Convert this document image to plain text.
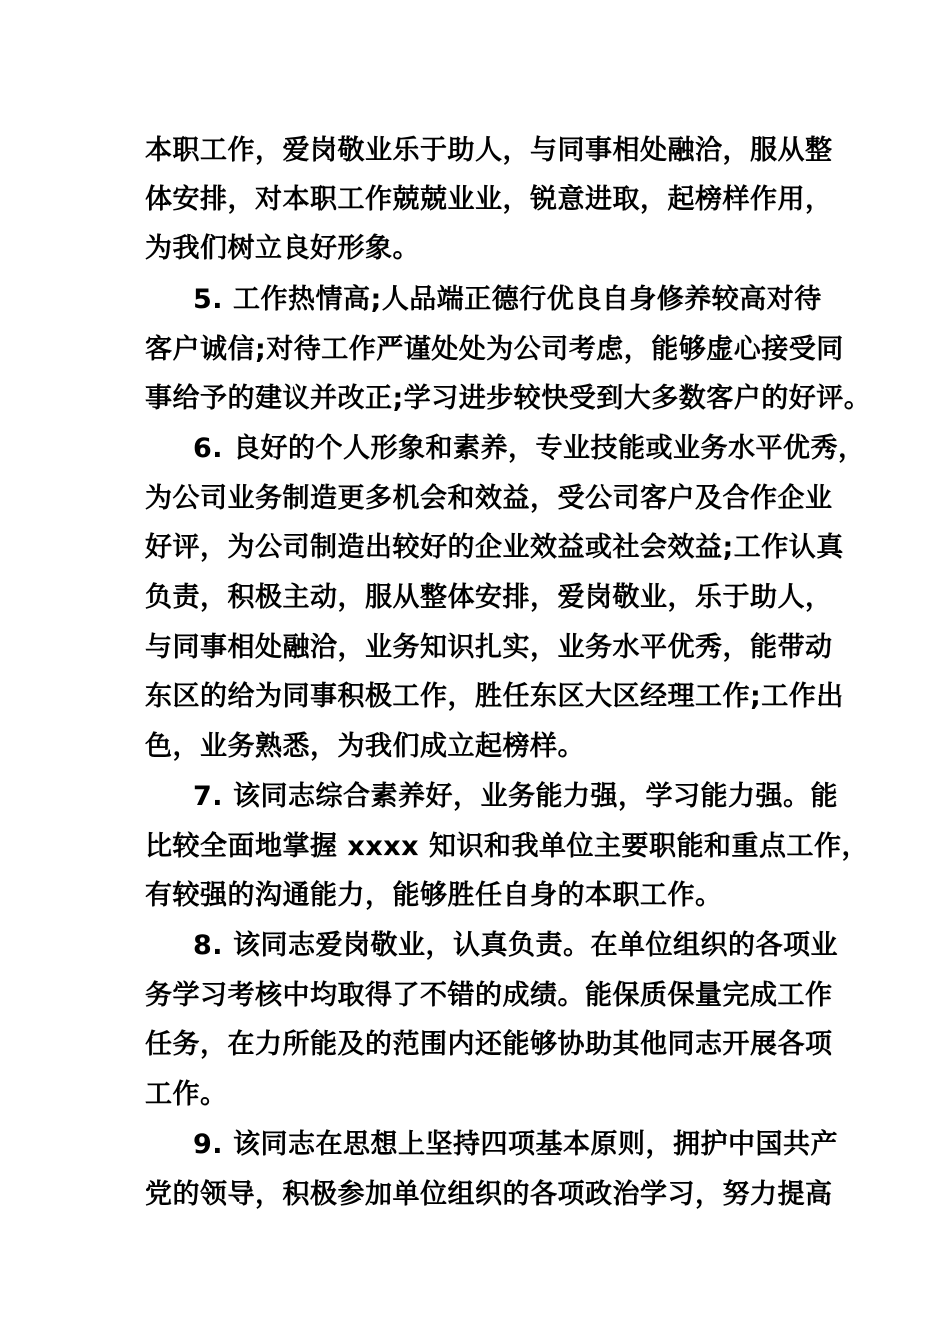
本职工作，爱岗敬业乐于助人，与同事相处融洽，服从整
体安排，对本职工作兢兢业业，锐意进取，起榜样作用，
为我们树立良好形象。
5. 工作热情高;人品端正德行优良自身修养较高对待
客户诚信;对待工作严谨处处为公司考虑，能够虚心接受同
事给予的建议并改正;学习进步较快受到大多数客户的好评。
6. 良好的个人形象和素养，专业技能或业务水平优秀，
为公司业务制造更多机会和效益，受公司客户及合作企业
好评，为公司制造出较好的企业效益或社会效益;工作认真
负责，积极主动，服从整体安排，爱岗敬业，乐于助人，
与同事相处融洽，业务知识扎实，业务水平优秀，能带动
东区的给为同事积极工作，胜任东区大区经理工作;工作出
色，业务熟悉，为我们成立起榜样。
7. 该同志综合素养好，业务能力强，学习能力强。能
比较全面地掌握 xxxx 知识和我单位主要职能和重点工作，
有较强的沟通能力，能够胜任自身的本职工作。
8. 该同志爱岗敬业，认真负责。在单位组织的各项业
务学习考核中均取得了不错的成绩。能保质保量完成工作
任务，在力所能及的范围内还能够协助其他同志开展各项
工作。
9. 该同志在思想上坚持四项基本原则，拥护中国共产
党的领导，积极参加单位组织的各项政治学习，努力提高
